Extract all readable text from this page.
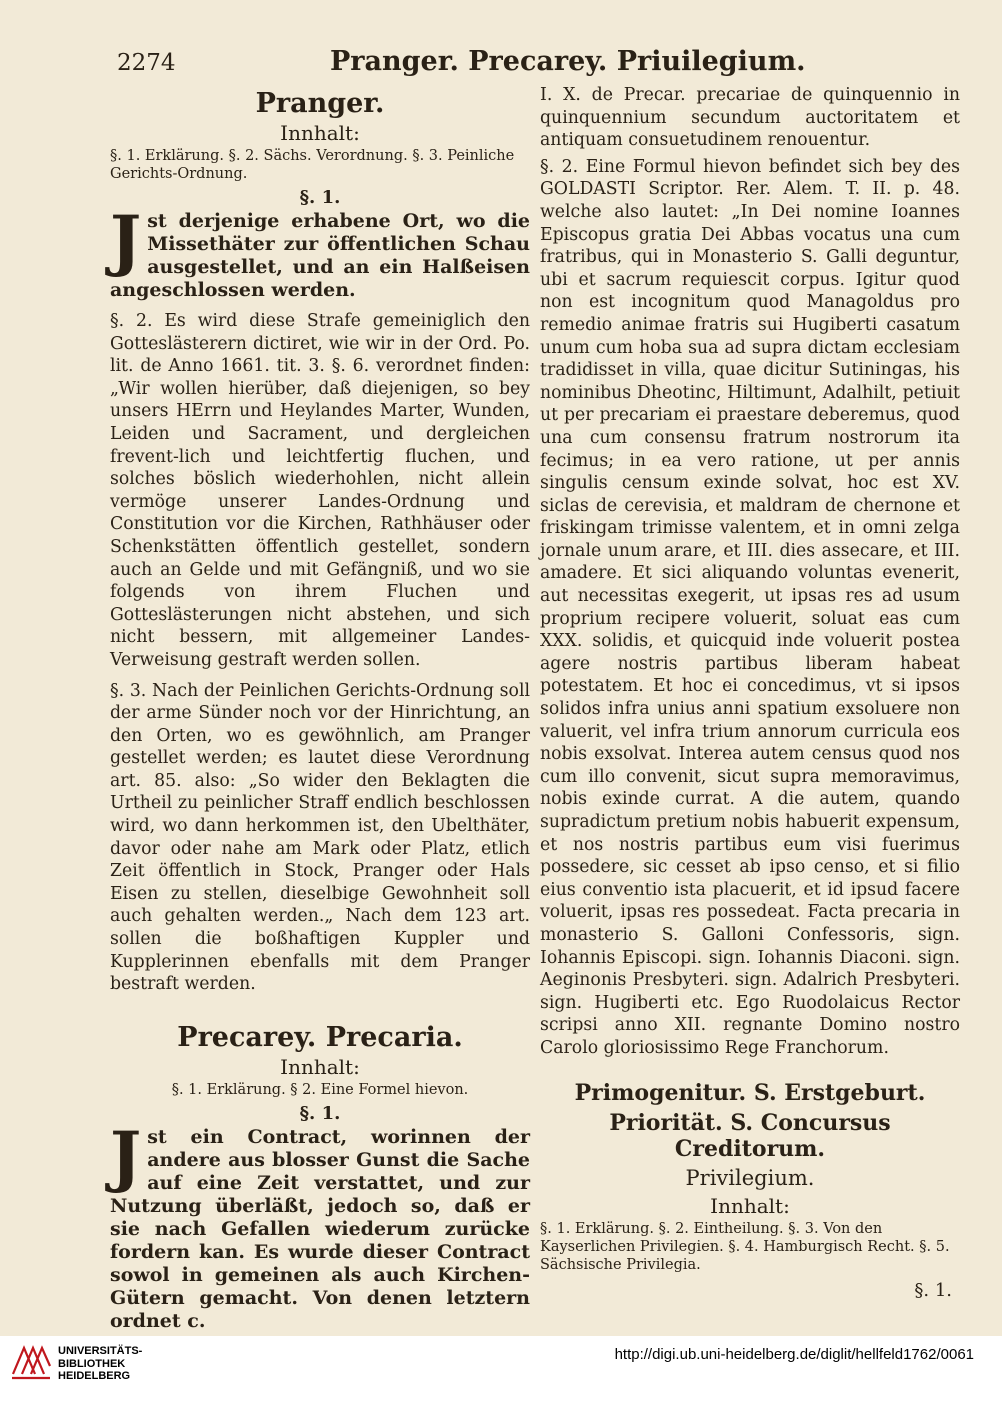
2274	Pranger. Precarey. Priuilegium.
Pranger.
Innhalt:
§. 1. Erklärung. §. 2. Sächs. Verordnung. §. 3. Peinliche Gerichts-Ordnung.
§. 1.

Jst derjenige erhabene Ort, wo die Missethäter zur öffentlichen Schau ausgestellet, und an ein Halßeisen angeschlossen werden.

§. 2. Es wird diese Strafe gemeiniglich den Gotteslästerern dictiret, wie wir in der Ord. Po. lit. de Anno 1661. tit. 3. §. 6. verordnet finden: „Wir wollen hierüber, daß diejenigen, so bey unsers HErrn und Heylandes Marter, Wunden, Leiden und Sacrament, und dergleichen frevent-lich und leichtfertig fluchen, und solches böslich wiederhohlen, nicht allein vermöge unserer Landes-Ordnung und Constitution vor die Kirchen, Rathhäuser oder Schenkstätten öffentlich gestellet, sondern auch an Gelde und mit Gefängniß, und wo sie folgends von ihrem Fluchen und Gotteslästerungen nicht abstehen, und sich nicht bessern, mit allgemeiner Landes-Verweisung gestraft werden sollen.

§. 3. Nach der Peinlichen Gerichts-Ordnung soll der arme Sünder noch vor der Hinrichtung, an den Orten, wo es gewöhnlich, am Pranger gestellet werden; es lautet diese Verordnung art. 85. also: „So wider den Beklagten die Urtheil zu peinlicher Straff endlich beschlossen wird, wo dann herkommen ist, den Ubelthäter, davor oder nahe am Mark oder Platz, etlich Zeit öffentlich in Stock, Pranger oder Hals Eisen zu stellen, dieselbige Gewohnheit soll auch gehalten werden.„ Nach dem 123 art. sollen die boßhaftigen Kuppler und Kupplerinnen ebenfalls mit dem Pranger bestraft werden.

Precarey. Precaria.
Innhalt:
§. 1. Erklärung. § 2. Eine Formel hievon.
§. 1.

Jst ein Contract, worinnen der andere aus blosser Gunst die Sache auf eine Zeit verstattet, und zur Nutzung überläßt, jedoch so, daß er sie nach Gefallen wiederum zurücke fordern kan. Es wurde dieser Contract sowol in gemeinen als auch Kirchen-Gütern gemacht. Von denen letztern ordnet c.

I. X. de Precar. precariae de quinquennio in quinquennium secundum auctoritatem et antiquam consuetudinem renouentur.

§. 2. Eine Formul hievon befindet sich bey des GOLDASTI Scriptor. Rer. Alem. T. II. p. 48. welche also lautet: „In Dei nomine Ioannes Episcopus gratia Dei Abbas vocatus una cum fratribus, qui in Monasterio S. Galli deguntur, ubi et sacrum requiescit corpus. Igitur quod non est incognitum quod Managoldus pro remedio animae fratris sui Hugiberti casatum unum cum hoba sua ad supra dictam ecclesiam tradidisset in villa, quae dicitur Sutiningas, his nominibus Dheotinc, Hiltimunt, Adalhilt, petiuit ut per precariam ei praestare deberemus, quod una cum consensu fratrum nostrorum ita fecimus; in ea vero ratione, ut per annis singulis censum exinde solvat, hoc est XV. siclas de cerevisia, et maldram de chernone et friskingam trimisse valentem, et in omni zelga jornale unum arare, et III. dies assecare, et III. amadere. Et sici aliquando voluntas evenerit, aut necessitas exegerit, ut ipsas res ad usum proprium recipere voluerit, soluat eas cum XXX. solidis, et quicquid inde voluerit postea agere nostris partibus liberam habeat potestatem. Et hoc ei concedimus, vt si ipsos solidos infra unius anni spatium exsoluere non valuerit, vel infra trium annorum curricula eos nobis exsolvat. Interea autem census quod nos cum illo convenit, sicut supra memoravimus, nobis exinde currat. A die autem, quando supradictum pretium nobis habuerit expensum, et nos nostris partibus eum visi fuerimus possedere, sic cesset ab ipso censo, et si filio eius conventio ista placuerit, et id ipsud facere voluerit, ipsas res possedeat. Facta precaria in monasterio S. Galloni Confessoris, sign. Iohannis Episcopi. sign. Iohannis Diaconi. sign. Aeginonis Presbyteri. sign. Adalrich Presbyteri. sign. Hugiberti etc. Ego Ruodolaicus Rector scripsi anno XII. regnante Domino nostro Carolo gloriosissimo Rege Franchorum.

Primogenitur. S. Erstgeburt.
Priorität. S. Concursus Creditorum.
Privilegium.
Innhalt:
§. 1. Erklärung. §. 2. Eintheilung. §. 3. Von den Kayserlichen Privilegien. §. 4. Hamburgisch Recht. §. 5. Sächsische Privilegia.
§. 1.
UNIVERSITÄTS-
BIBLIOTHEK
HEIDELBERG
http://digi.ub.uni-heidelberg.de/diglit/hellfeld1762/0061
